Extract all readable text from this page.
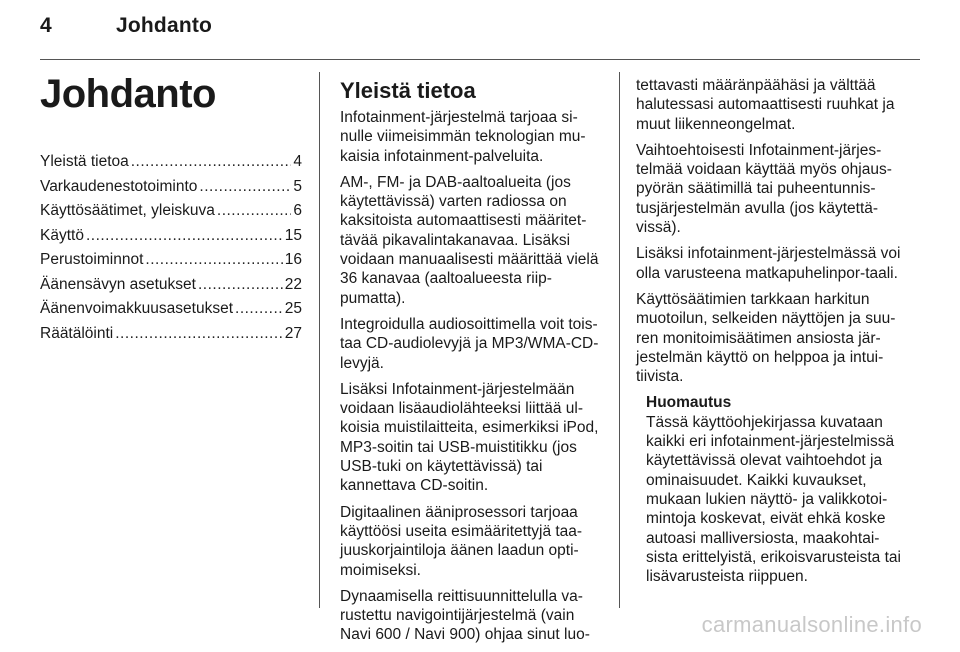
4	Johdanto
Johdanto
Yleistä tietoa .....	4
Varkaudenestotoiminto .....	5
Käyttösäätimet, yleiskuva .....	6
Käyttö .....	15
Perustoiminnot .....	16
Äänensävyn asetukset .....	22
Äänenvoimakkuusasetukset .....	25
Räätälöinti .....	27
Yleistä tietoa

Infotainment-järjestelmä tarjoaa si-nulle viimeisimmän teknologian mu-kaisia infotainment-palveluita.

AM-, FM- ja DAB-aaltoalueita (jos käytettävissä) varten radiossa on kaksitoista automaattisesti määritet-tävää pikavalintakanavaa. Lisäksi voidaan manuaalisesti määrittää vielä 36 kanavaa (aaltoalueesta riip-pumatta).

Integroidulla audiosoittimella voit tois-taa CD-audiolevyjä ja MP3/WMA-CD-levyjä.

Lisäksi Infotainment-järjestelmään voidaan lisäaudiolähteeksi liittää ul-koisia muistilaitteita, esimerkiksi iPod, MP3-soitin tai USB-muistitikku (jos USB-tuki on käytettävissä) tai kannettava CD-soitin.

Digitaalinen ääniprosessori tarjoaa käyttöösi useita esimääritettyjä taa-juuskorjaintiloja äänen laadun opti-moimiseksi.

Dynaamisella reittisuunnittelulla va-rustettu navigointijärjestelmä (vain Navi 600 / Navi 900) ohjaa sinut luo-

tettavasti määränpäähäsi ja välttää halutessasi automaattisesti ruuhkat ja muut liikenneongelmat.

Vaihtoehtoisesti Infotainment-järjes-telmää voidaan käyttää myös ohjaus-pyörän säätimillä tai puheentunnis-tusjärjestelmän avulla (jos käytettä-vissä).

Lisäksi infotainment-järjestelmässä voi olla varusteena matkapuhelinpor-taali.

Käyttösäätimien tarkkaan harkitun muotoilun, selkeiden näyttöjen ja suu-ren monitoimisäätimen ansiosta jär-jestelmän käyttö on helppoa ja intui-tiivista.

Huomautus

Tässä käyttöohjekirjassa kuvataan kaikki eri infotainment-järjestelmissä käytettävissä olevat vaihtoehdot ja ominaisuudet. Kaikki kuvaukset, mukaan lukien näyttö- ja valikkotoi-mintoja koskevat, eivät ehkä koske autoasi malliversiosta, maakohtai-sista erittelyistä, erikoisvarusteista tai lisävarusteista riippuen.

carmanualsonline.info
